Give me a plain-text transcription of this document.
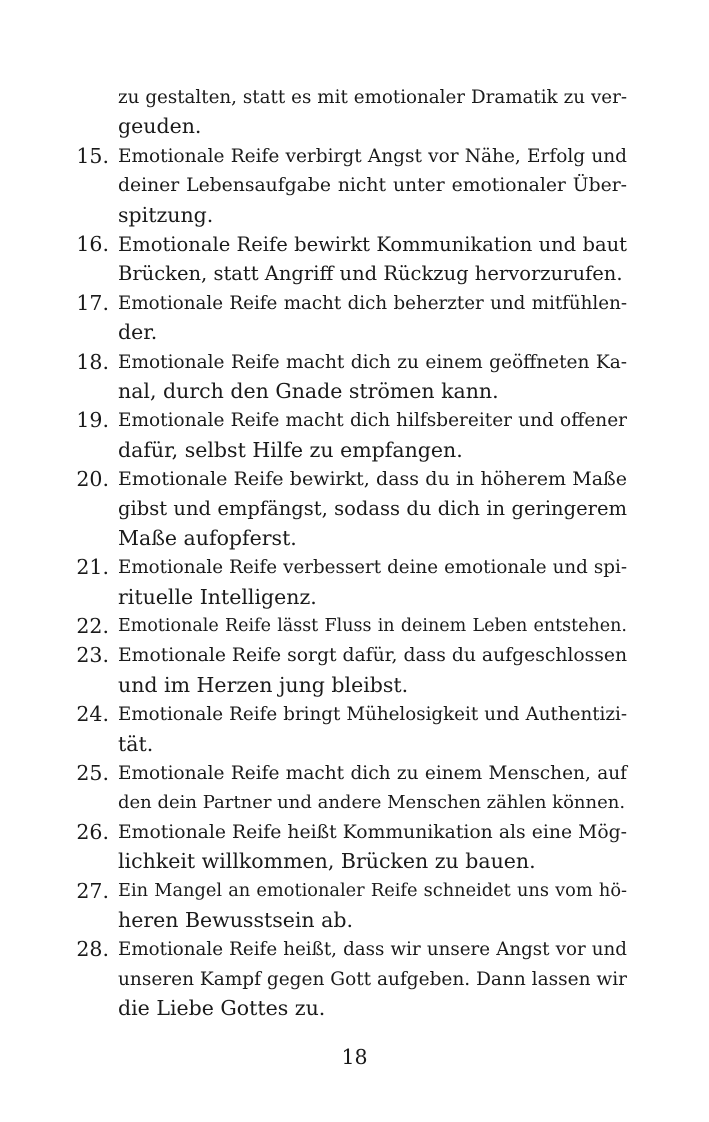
zu gestalten, statt es mit emotionaler Dramatik zu ver-
geuden.
15. Emotionale Reife verbirgt Angst vor Nähe, Erfolg und
deiner Lebensaufgabe nicht unter emotionaler Über-
spitzung.
16. Emotionale Reife bewirkt Kommunikation und baut
Brücken, statt Angriff und Rückzug hervorzurufen.
17. Emotionale Reife macht dich beherzter und mitfühlen-
der.
18. Emotionale Reife macht dich zu einem geöffneten Ka-
nal, durch den Gnade strömen kann.
19. Emotionale Reife macht dich hilfsbereiter und offener
dafür, selbst Hilfe zu empfangen.
20. Emotionale Reife bewirkt, dass du in höherem Maße
gibst und empfängst, sodass du dich in geringerem
Maße aufopferst.
21. Emotionale Reife verbessert deine emotionale und spi-
rituelle Intelligenz.
22. Emotionale Reife lässt Fluss in deinem Leben entstehen.
23. Emotionale Reife sorgt dafür, dass du aufgeschlossen
und im Herzen jung bleibst.
24. Emotionale Reife bringt Mühelosigkeit und Authentizi-
tät.
25. Emotionale Reife macht dich zu einem Menschen, auf
den dein Partner und andere Menschen zählen können.
26. Emotionale Reife heißt Kommunikation als eine Mög-
lichkeit willkommen, Brücken zu bauen.
27. Ein Mangel an emotionaler Reife schneidet uns vom hö-
heren Bewusstsein ab.
28. Emotionale Reife heißt, dass wir unsere Angst vor und
unseren Kampf gegen Gott aufgeben. Dann lassen wir
die Liebe Gottes zu.
18
